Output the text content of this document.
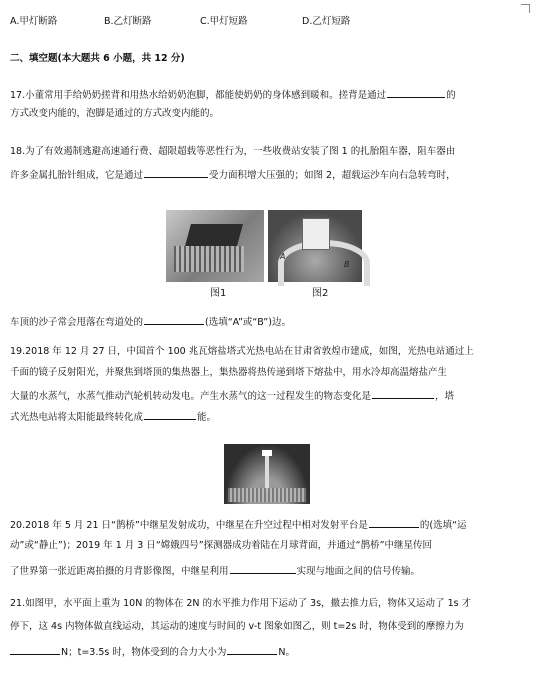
A.甲灯断路	B.乙灯断路	C.甲灯短路	D.乙灯短路
二、填空题(本大题共 6 小题，共 12 分)
17.小董常用手给奶奶搓背和用热水给奶奶泡脚，都能使奶奶的身体感到暖和。搓背是通过	的
方式改变内能的，泡脚是通过的方式改变内能的。
18.为了有效遏制逃避高速通行费、超限超载等恶性行为，一些收费站安装了图 1 的扎胎阻车器，阻车器由
许多金属扎胎针组成，它是通过	受力面积增大压强的；如图 2，超载运沙车向右急转弯时，
A
B
图1	图2
车顶的沙子常会甩落在弯道处的	(选填“A”或“B”)边。
19.2018 年 12 月 27 日，中国首个 100 兆瓦熔盐塔式光热电站在甘肃省敦煌市建成，如图，光热电站通过上
千面的镜子反射阳光，并聚焦到塔顶的集热器上，集热器将热传递到塔下熔盐中，用水冷却高温熔盐产生
大量的水蒸气，水蒸气推动汽轮机转动发电。产生水蒸气的这一过程发生的物态变化是	，塔
式光热电站将太阳能最终转化成	能。
20.2018 年 5 月 21 日“鹊桥”中继星发射成功，中继星在升空过程中相对发射平台是	的(选填“运
动”或“静止”)；2019 年 1 月 3 日“嫦娥四号”探测器成功着陆在月球背面，并通过“鹊桥”中继星传回
了世界第一张近距离拍摄的月背影像图，中继星利用	实现与地面之间的信号传输。
21.如图甲，水平面上重为 10N 的物体在 2N 的水平推力作用下运动了 3s，撤去推力后，物体又运动了 1s 才
停下，这 4s 内物体做直线运动，其运动的速度与时间的 v-t 图象如图乙，则 t=2s 时，物体受到的摩擦力为
N；t=3.5s 时，物体受到的合力大小为	N。
